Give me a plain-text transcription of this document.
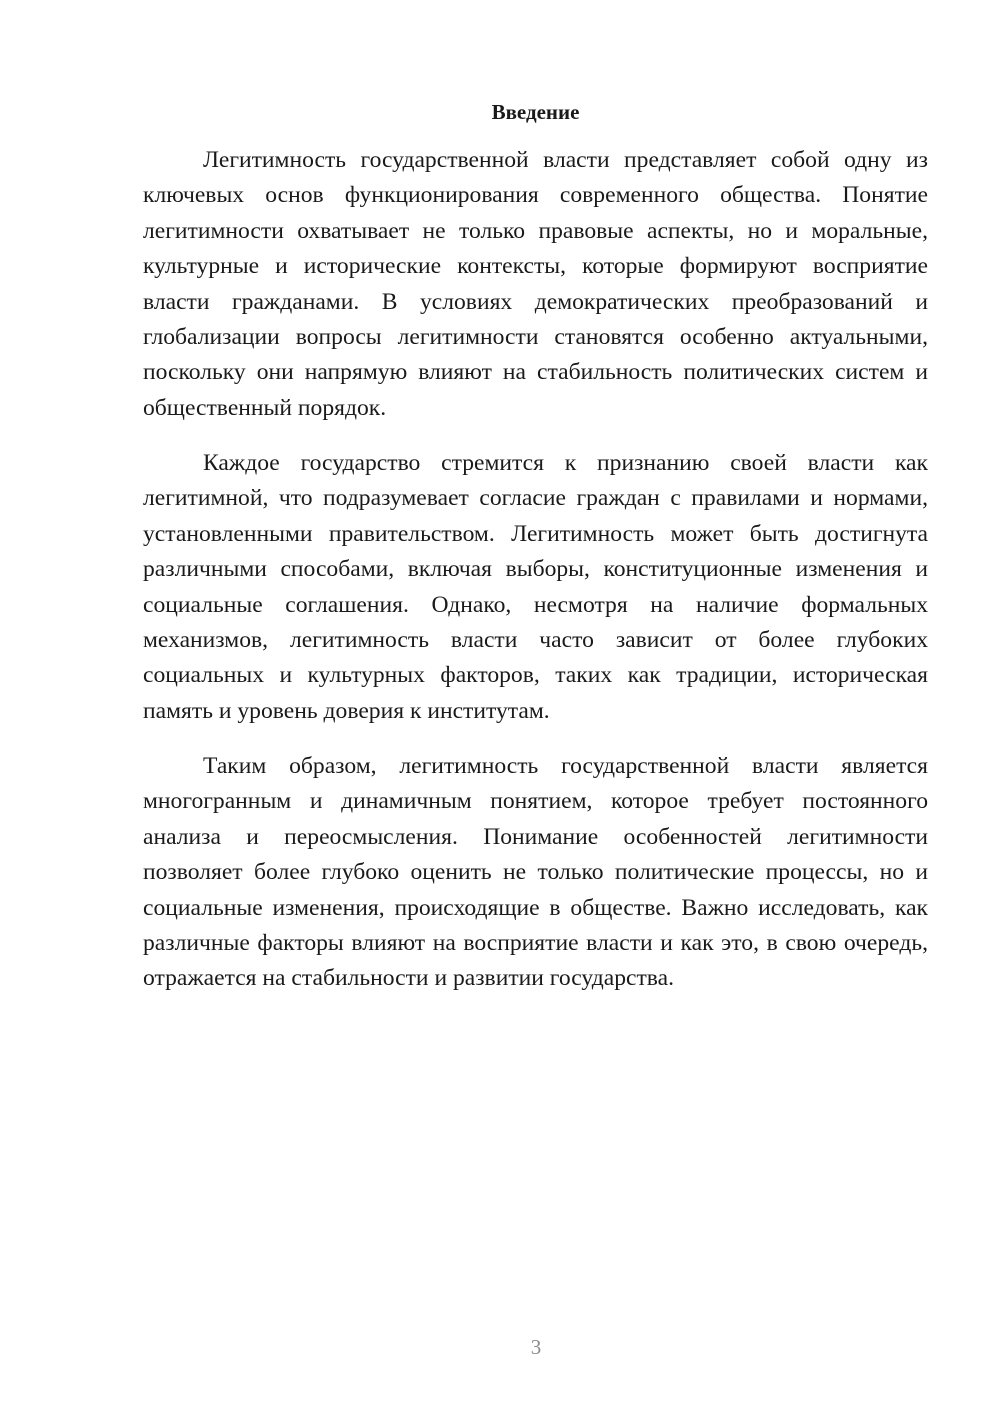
Введение

Легитимность государственной власти представляет собой одну из ключевых основ функционирования современного общества. Понятие легитимности охватывает не только правовые аспекты, но и моральные, культурные и исторические контексты, которые формируют восприятие власти гражданами. В условиях демократических преобразований и глобализации вопросы легитимности становятся особенно актуальными, поскольку они напрямую влияют на стабильность политических систем и общественный порядок.

Каждое государство стремится к признанию своей власти как легитимной, что подразумевает согласие граждан с правилами и нормами, установленными правительством. Легитимность может быть достигнута различными способами, включая выборы, конституционные изменения и социальные соглашения. Однако, несмотря на наличие формальных механизмов, легитимность власти часто зависит от более глубоких социальных и культурных факторов, таких как традиции, историческая память и уровень доверия к институтам.

Таким образом, легитимность государственной власти является многогранным и динамичным понятием, которое требует постоянного анализа и переосмысления. Понимание особенностей легитимности позволяет более глубоко оценить не только политические процессы, но и социальные изменения, происходящие в обществе. Важно исследовать, как различные факторы влияют на восприятие власти и как это, в свою очередь, отражается на стабильности и развитии государства.

3
